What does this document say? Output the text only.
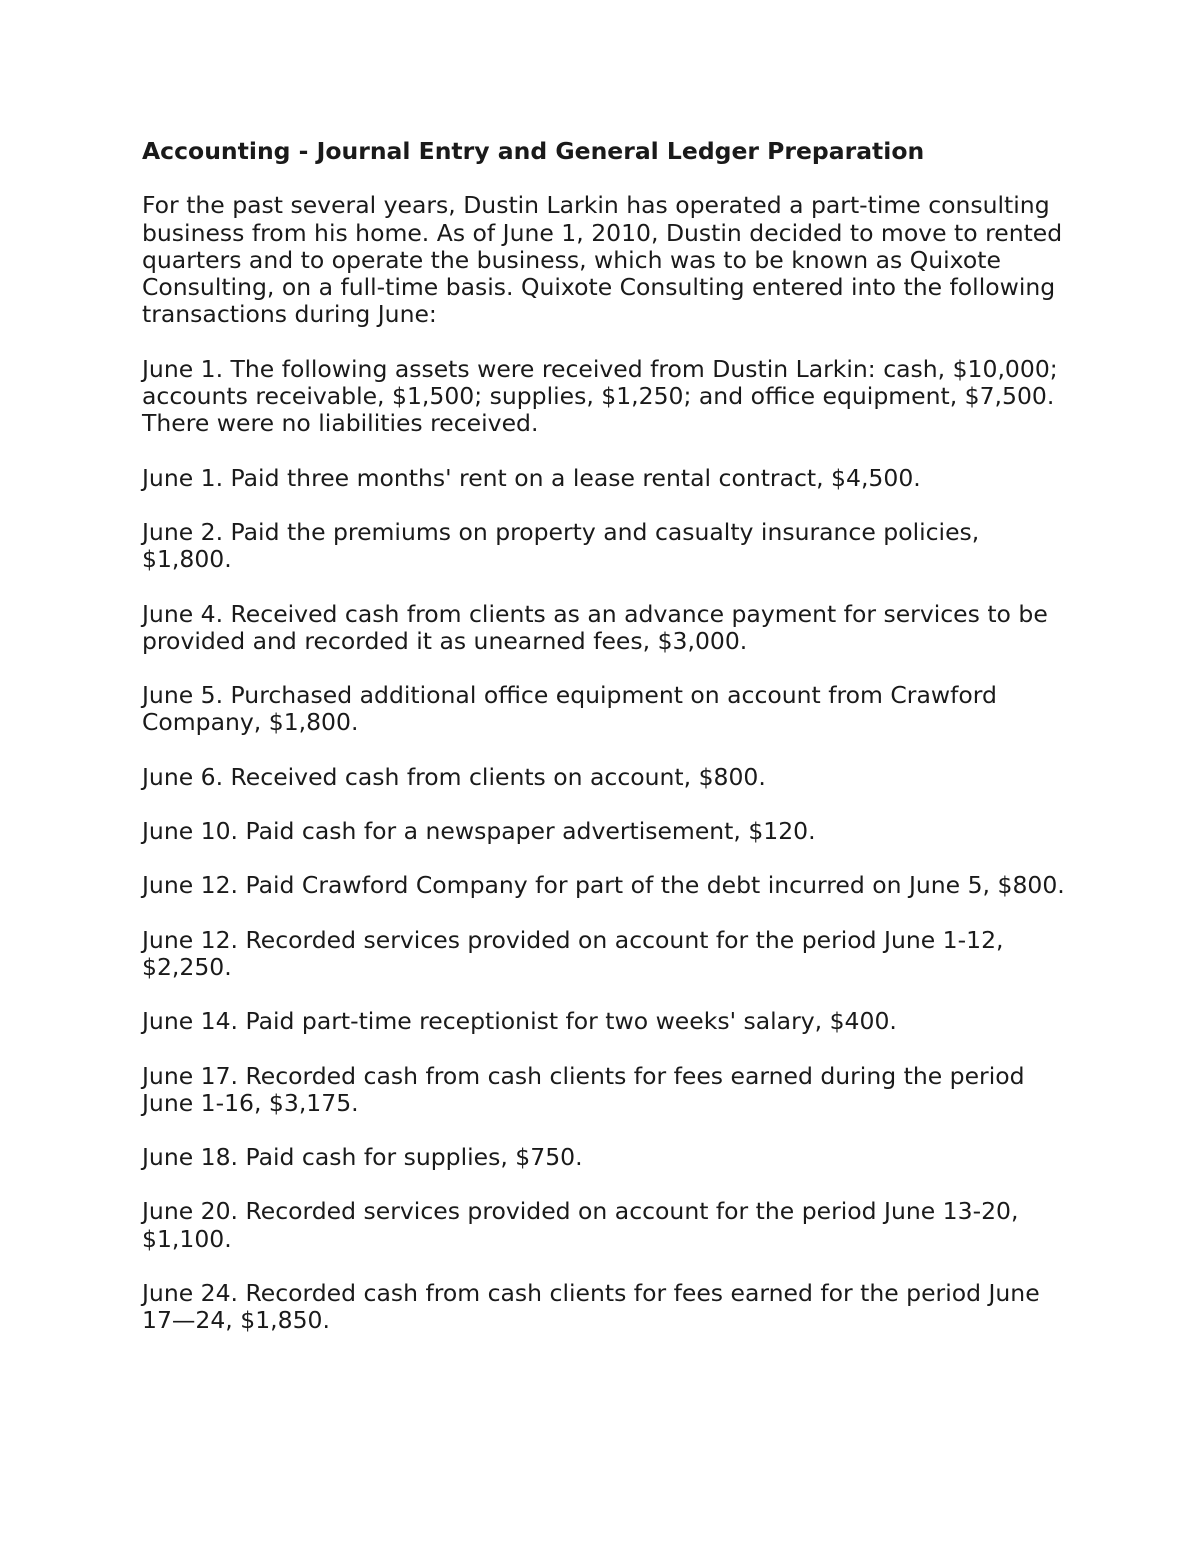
Accounting - Journal Entry and General Ledger Preparation
For the past several years, Dustin Larkin has operated a part-time consulting business from his home. As of June 1, 2010, Dustin decided to move to rented quarters and to operate the business, which was to be known as Quixote Consulting, on a full-time basis. Quixote Consulting entered into the following transactions during June:
June 1. The following assets were received from Dustin Larkin: cash, $10,000; accounts receivable, $1,500; supplies, $1,250; and office equipment, $7,500. There were no liabilities received.
June 1. Paid three months' rent on a lease rental contract, $4,500.
June 2. Paid the premiums on property and casualty insurance policies, $1,800.
June 4. Received cash from clients as an advance payment for services to be provided and recorded it as unearned fees, $3,000.
June 5. Purchased additional office equipment on account from Crawford Company, $1,800.
June 6. Received cash from clients on account, $800.
June 10. Paid cash for a newspaper advertisement, $120.
June 12. Paid Crawford Company for part of the debt incurred on June 5, $800.
June 12. Recorded services provided on account for the period June 1-12, $2,250.
June 14. Paid part-time receptionist for two weeks' salary, $400.
June 17. Recorded cash from cash clients for fees earned during the period June 1-16, $3,175.
June 18. Paid cash for supplies, $750.
June 20. Recorded services provided on account for the period June 13-20, $1,100.
June 24. Recorded cash from cash clients for fees earned for the period June 17—24, $1,850.
